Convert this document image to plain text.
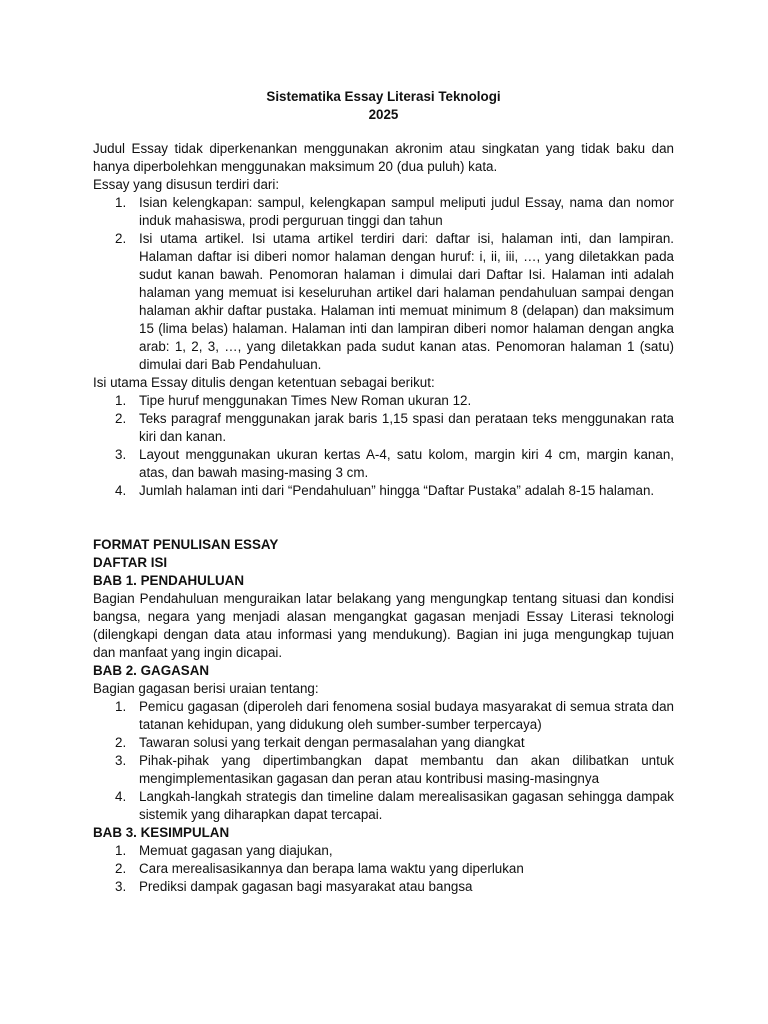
Sistematika Essay Literasi Teknologi

2025

Judul Essay tidak diperkenankan menggunakan akronim atau singkatan yang tidak baku dan hanya diperbolehkan menggunakan maksimum 20 (dua puluh) kata.

Essay yang disusun terdiri dari:

1. Isian kelengkapan: sampul, kelengkapan sampul meliputi judul Essay, nama dan nomor induk mahasiswa, prodi perguruan tinggi dan tahun
2. Isi utama artikel. Isi utama artikel terdiri dari: daftar isi, halaman inti, dan lampiran. Halaman daftar isi diberi nomor halaman dengan huruf: i, ii, iii, …, yang diletakkan pada sudut kanan bawah. Penomoran halaman i dimulai dari Daftar Isi. Halaman inti adalah halaman yang memuat isi keseluruhan artikel dari halaman pendahuluan sampai dengan halaman akhir daftar pustaka. Halaman inti memuat minimum 8 (delapan) dan maksimum 15 (lima belas) halaman. Halaman inti dan lampiran diberi nomor halaman dengan angka arab: 1, 2, 3, …, yang diletakkan pada sudut kanan atas. Penomoran halaman 1 (satu) dimulai dari Bab Pendahuluan.

Isi utama Essay ditulis dengan ketentuan sebagai berikut:

1. Tipe huruf menggunakan Times New Roman ukuran 12.
2. Teks paragraf menggunakan jarak baris 1,15 spasi dan perataan teks menggunakan rata kiri dan kanan.
3. Layout menggunakan ukuran kertas A-4, satu kolom, margin kiri 4 cm, margin kanan, atas, dan bawah masing-masing 3 cm.
4. Jumlah halaman inti dari “Pendahuluan” hingga “Daftar Pustaka” adalah 8-15 halaman.

FORMAT PENULISAN ESSAY

DAFTAR ISI

BAB 1. PENDAHULUAN

Bagian Pendahuluan menguraikan latar belakang yang mengungkap tentang situasi dan kondisi bangsa, negara yang menjadi alasan mengangkat gagasan menjadi Essay Literasi teknologi (dilengkapi dengan data atau informasi yang mendukung). Bagian ini juga mengungkap tujuan dan manfaat yang ingin dicapai.

BAB 2. GAGASAN

Bagian gagasan berisi uraian tentang:

1. Pemicu gagasan (diperoleh dari fenomena sosial budaya masyarakat di semua strata dan tatanan kehidupan, yang didukung oleh sumber-sumber terpercaya)
2. Tawaran solusi yang terkait dengan permasalahan yang diangkat
3. Pihak-pihak yang dipertimbangkan dapat membantu dan akan dilibatkan untuk mengimplementasikan gagasan dan peran atau kontribusi masing-masingnya
4. Langkah-langkah strategis dan timeline dalam merealisasikan gagasan sehingga dampak sistemik yang diharapkan dapat tercapai.

BAB 3. KESIMPULAN

1. Memuat gagasan yang diajukan,
2. Cara merealisasikannya dan berapa lama waktu yang diperlukan
3. Prediksi dampak gagasan bagi masyarakat atau bangsa
